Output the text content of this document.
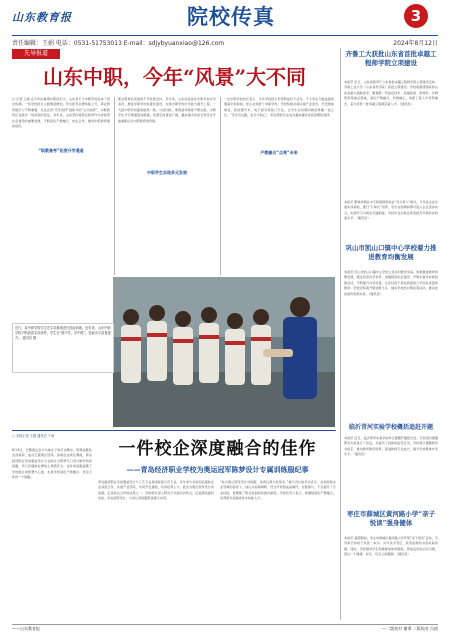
山东教育报	院校传真	3
责任编辑：王娟 电话：0531-51753013 E-mail：sdjybyuanxiao@126.com	2024年8月12日
先导报道
山东中职，今年“风景”大不同
□ 记者 王娟 在今年的暑期中职招生中，山东省不少中职学校迎来了招生热潮。一些学校招生人数明显增加，学生报考意愿持续上升，职业教育吸引力不断增强。从过去的“无奈选择”到如今的“主动选择”，中职教育正在经历一场深刻的变化。多年来，山东坚持将职业教育作为技能型社会建设的重要支撑，不断深化产教融合、校企合作，推动中职教育提质培优。
“职教高考”拓宽升学通道
职业教育的发展离不开政策支持。近年来，山东持续优化中职学校办学条件，推进中职学校标准化建设，实施中职学校办学能力提升工程，一大批中职学校面貌焕然一新。与此同时，职教高考制度不断完善，中职学生升学渠道更加畅通，发展空间更加广阔，越来越多的家长和学生开始重新认识中职教育的价值。
中职学生实现多元发展
一位中职学校校长表示，今年学校招生形势明显好于往年，不少学生分数远超普通高中录取线，却主动选择了中职学校。学校积极对接区域产业需求，开设智能制造、新能源汽车、电子商务等热门专业，让学生在校期间就能掌握一技之长。“学生有出路，家长才放心”，职业教育正在成为越来越多家庭的理性选择。
产教融合“点亮”未来
近日，某中职学校学生在实训基地进行技能训练。近年来，山东中职学校不断改善实训条件，学生在“做中学、学中做”，技能水平显著提升。 通讯员 摄
齐鲁工大获批山东省首批卓越工程师学院立项建设
本报讯 近日，山东省教育厅公布首批卓越工程师学院立项建设名单，齐鲁工业大学（山东省科学院）获批立项建设。学校将围绕国家和山东省重大战略需求，聚焦新一代信息技术、高端装备、新材料、生物医药等重点领域，深化产教融合、科教融汇，创新工程人才培养模式，着力培养一批卓越工程师后备人才。（通讯员）
本报讯 肥城市职业中专积极探索校企“双元育人”模式，与多家企业共建实训基地，推行“订单式”培养，学生在校期间即可进入企业顶岗实习，实现学习与就业无缝衔接。学校毕业生就业率连续多年保持在较高水平。（通讯员）
巩山市凯山口镇中心学校着力推进教育均衡发展
本报讯 巩山市凯山口镇中心学校立足乡村教育实际，积极推进教育均衡发展，通过改善办学条件、加强师资队伍建设、开展丰富多彩的校园活动，不断提升办学质量，让乡村孩子享受到更加公平而有质量的教育。学校还积极开展送教下乡、城乡学校结对帮扶等活动，推动优质教育资源共享。（通讯员）
临沂青河实验学校概括追赶开题
本报讯 近日，临沂青河实验学校举行课题开题报告会。专家组对课题研究方案进行了论证，并提出了具体的指导意见。学校将以课题研究为抓手，推动教育教学改革，促进教师专业成长，提升学校整体办学水平。（通讯员）
枣庄市薛城区黄河路小学“亲子悦读”强身健体
本报讯 暑假期间，枣庄市薛城区黄河路小学开展“亲子悦读”活动，引导家长和孩子共读一本书、共写读书笔记，营造浓厚的书香家庭氛围。同时，学校倡导学生积极参加体育锻炼，养成良好的运动习惯，度过一个健康、快乐、有意义的暑假。（通讯员）
一件校企深度融合的佳作
——青岛经济职业学校为奥运冠军陈梦设计专属训练服纪事
□ 本报记者 王娟 通讯员 于涛
8月4日，巴黎奥运会乒乓球女子单打决赛中，陈梦战胜队友孙颖莎，成功卫冕奥运冠军。而就在这场比赛前，青岛经济职业学校服装设计专业师生为陈梦专门设计制作的训练服，早已伴随她在赛场上挥洒汗水。这件训练服凝聚了学校师生的智慧与心血，也是学校深化产教融合、校企合作的一个缩影。
青岛经济职业学校服装设计与工艺专业是国家级示范专业，多年来与多家知名服装企业深度合作，共建产业学院，共同开发课程，共同培养人才。此次为奥运冠军设计训练服，正是校企合作的成果之一。学校师生深入研究乒乓球运动特点，反复测试面料性能，优化版型设计，力求让训练服既美观又实用。
“能为奥运冠军设计训练服，是我们莫大的荣幸。”参与设计的学生表示，在老师和企业导师的指导下，他们从前期调研、设计打样到成品制作，全程参与，不仅提升了专业技能，更增强了职业自信和民族自豪感。学校负责人表示，将继续深化产教融合，培养更多高素质技术技能人才。
——山东教育报	—二版校对 谢勇 二版校对 冯倩
